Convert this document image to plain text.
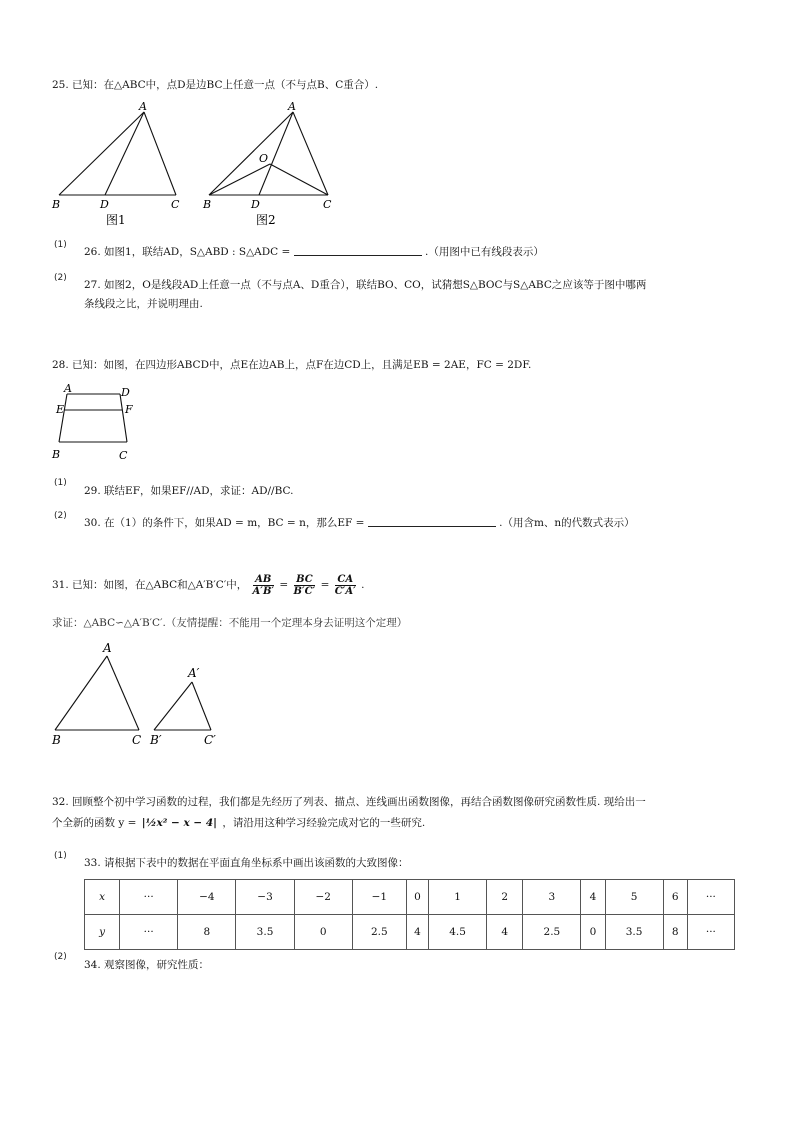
25. 已知：在△ABC中，点D是边BC上任意一点（不与点B、C重合）.
A
B	D	C
图1
A
O
B	D	C
图2
(1)
26. 如图1，联结AD，S△ABD : S△ADC =	.（用图中已有线段表示）
(2)
27. 如图2，O是线段AD上任意一点（不与点A、D重合），联结BO、CO，试猜想S△BOC与S△ABC之应该等于图中哪两
条线段之比，并说明理由.
28. 已知：如图，在四边形ABCD中，点E在边AB上，点F在边CD上，且满足EB = 2AE，FC = 2DF.
A	D
E	F
B	C
(1)
29. 联结EF，如果EF//AD，求证：AD//BC.
(2)
30. 在（1）的条件下，如果AD = m，BC = n，那么EF =	.（用含m、n的代数式表示）
31. 已知：如图，在△ABC和△A′B′C′中， $\frac{AB}{A'B'} = \frac{BC}{B'C'} = \frac{CA}{C'A'}$ .
求证：△ABC∽△A′B′C′.（友情提醒：不能用一个定理本身去证明这个定理）
A
B	C
A′
B′	C′
32. 回顾整个初中学习函数的过程，我们都是先经历了列表、描点、连线画出函数图像，再结合函数图像研究函数性质. 现给出一
个全新的函数 y = |½x² − x − 4| ，请沿用这种学习经验完成对它的一些研究.
(1)
33. 请根据下表中的数据在平面直角坐标系中画出该函数的大致图像：
x	···	−4	−3	−2	−1	0	1	2	3	4	5	6	···
y	···	8	3.5	0	2.5	4	4.5	4	2.5	0	3.5	8	···
(2)
34. 观察图像，研究性质：
